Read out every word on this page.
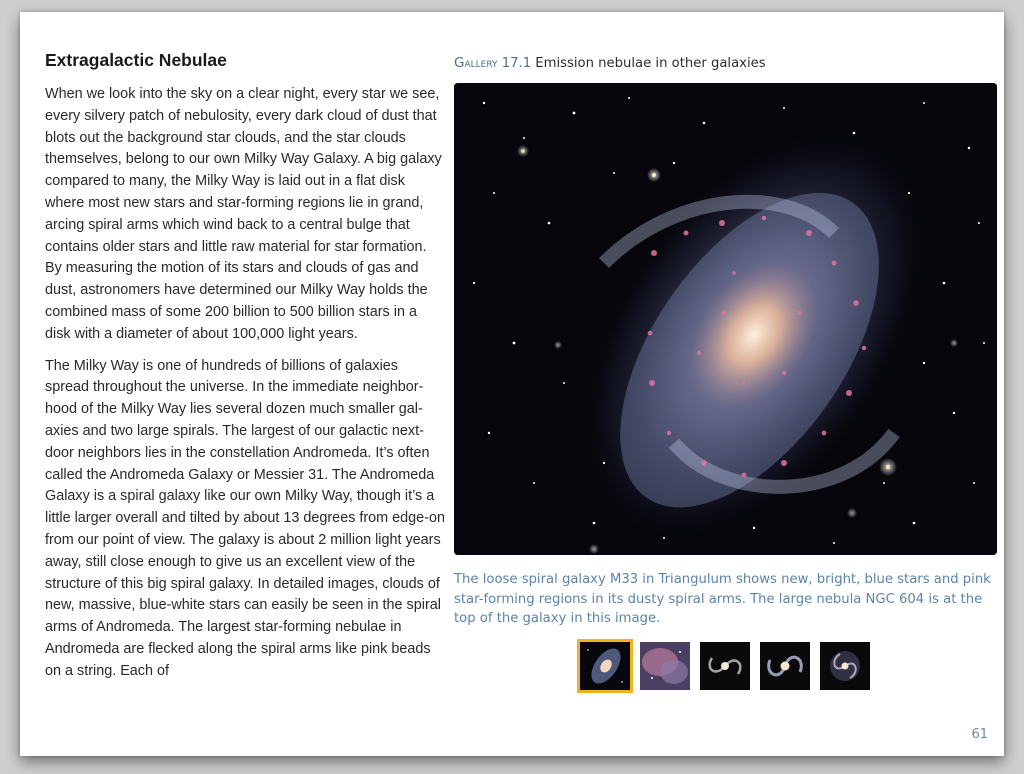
Extragalactic Nebulae

When we look into the sky on a clear night, every star we see, every silvery patch of nebulosity, every dark cloud of dust that blots out the background star clouds, and the star clouds themselves, belong to our own Milky Way Galaxy. A big galaxy compared to many, the Milky Way is laid out in a flat disk where most new stars and star-forming regions lie in grand, arcing spiral arms which wind back to a central bulge that contains older stars and little raw material for star formation. By measuring the motion of its stars and clouds of gas and dust, astronomers have determined our Milky Way holds the combined mass of some 200 billion to 500 billion stars in a disk with a diameter of about 100,000 light years.

The Milky Way is one of hundreds of billions of galaxies spread throughout the universe. In the immediate neighborhood of the Milky Way lies several dozen much smaller galaxies and two large spirals. The largest of our galactic next-door neighbors lies in the constellation Andromeda. It’s often called the Andromeda Galaxy or Messier 31. The Andromeda Galaxy is a spiral galaxy like our own Milky Way, though it’s a little larger overall and tilted by about 13 degrees from edge-on from our point of view. The galaxy is about 2 million light years away, still close enough to give us an excellent view of the structure of this big spiral galaxy. In detailed images, clouds of new, massive, blue-white stars can easily be seen in the spiral arms of Andromeda. The largest star-forming nebulae in Andromeda are flecked along the spiral arms like pink beads on a string. Each of

Gallery 17.1 Emission nebulae in other galaxies
The loose spiral galaxy M33 in Triangulum shows new, bright, blue stars and pink star-forming regions in its dusty spiral arms. The large nebula NGC 604 is at the top of the galaxy in this image.
61
